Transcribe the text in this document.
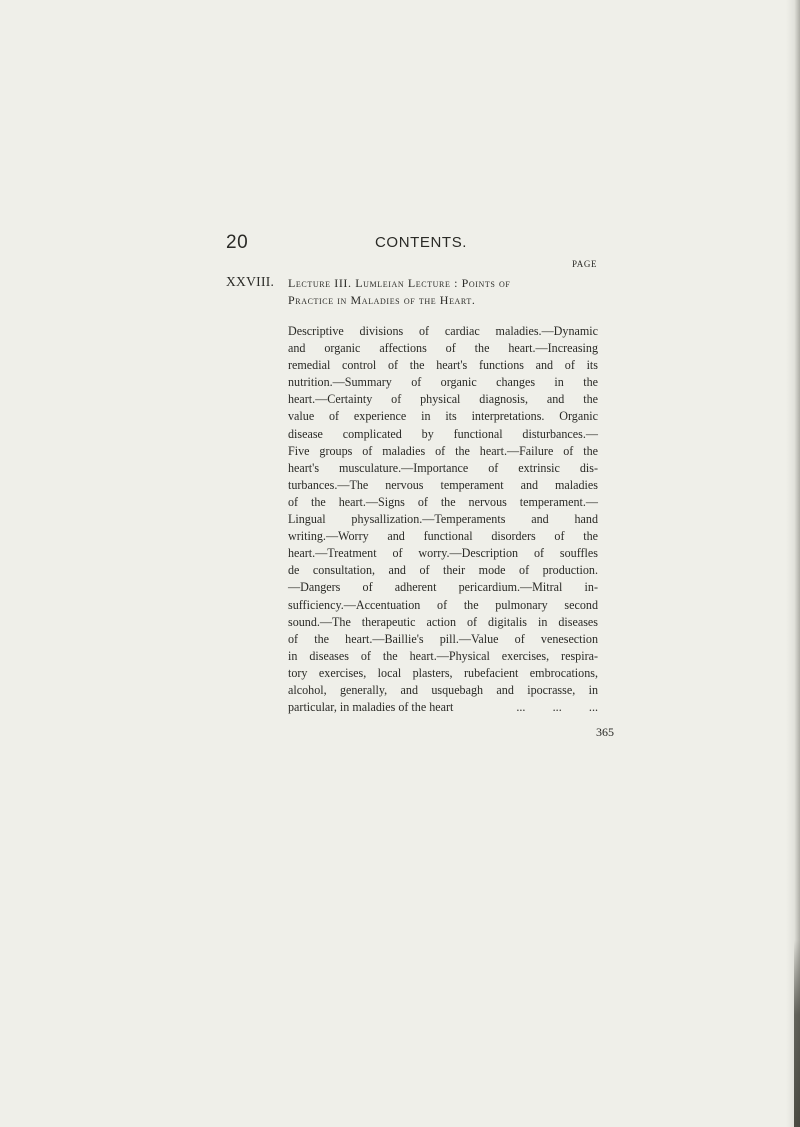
20	CONTENTS.
PAGE
XXVIII. Lecture III. Lumleian Lecture : Points of
Practice in Maladies of the Heart.
Descriptive divisions of cardiac maladies.—Dynamic
and organic affections of the heart.—Increasing
remedial control of the heart's functions and of its
nutrition.—Summary of organic changes in the
heart.—Certainty of physical diagnosis, and the
value of experience in its interpretations. Organic
disease complicated by functional disturbances.—
Five groups of maladies of the heart.—Failure of the
heart's musculature.—Importance of extrinsic dis-
turbances.—The nervous temperament and maladies
of the heart.—Signs of the nervous temperament.—
Lingual physallization.—Temperaments and hand
writing.—Worry and functional disorders of the
heart.—Treatment of worry.—Description of souffles
de consultation, and of their mode of production.
—Dangers of adherent pericardium.—Mitral in-
sufficiency.—Accentuation of the pulmonary second
sound.—The therapeutic action of digitalis in diseases
of the heart.—Baillie's pill.—Value of venesection
in diseases of the heart.—Physical exercises, respira-
tory exercises, local plasters, rubefacient embrocations,
alcohol, generally, and usquebagh and ipocrasse, in
particular, in maladies of the heart	...         ...         ...
365
